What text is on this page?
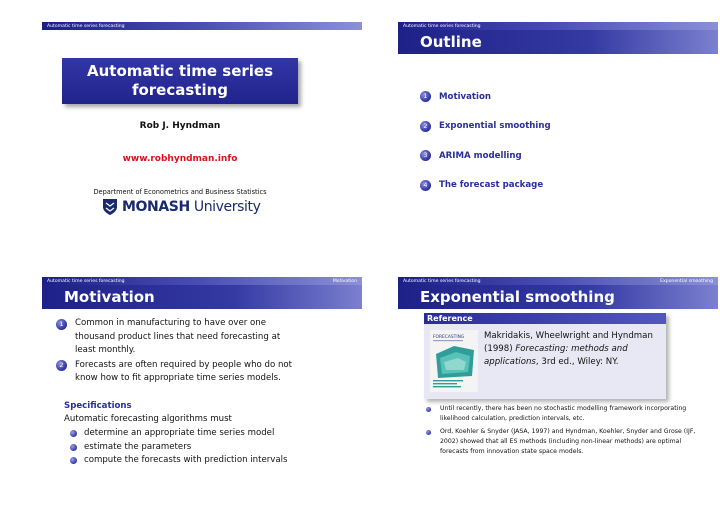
Automatic time series forecasting
Automatic time series
forecasting
Rob J. Hyndman
www.robhyndman.info
Department of Econometrics and Business Statistics
MONASH University
Automatic time series forecasting
Outline
1	Motivation
2	Exponential smoothing
3	ARIMA modelling
4	The forecast package
Automatic time series forecasting	Motivation
Motivation
1	Common in manufacturing to have over one thousand product lines that need forecasting at least monthly.
2	Forecasts are often required by people who do not know how to fit appropriate time series models.
Specifications
Automatic forecasting algorithms must
determine an appropriate time series model
estimate the parameters
compute the forecasts with prediction intervals
Automatic time series forecasting	Exponential smoothing
Exponential smoothing
Reference
FORECASTING Makridakis, Wheelwright and Hyndman (1998) Forecasting: methods and applications, 3rd ed., Wiley: NY.
Until recently, there has been no stochastic modelling framework incorporating likelihood calculation, prediction intervals, etc.
Ord, Koehler & Snyder (JASA, 1997) and Hyndman, Koehler, Snyder and Grose (IJF, 2002) showed that all ES methods (including non-linear methods) are optimal forecasts from innovation state space models.
